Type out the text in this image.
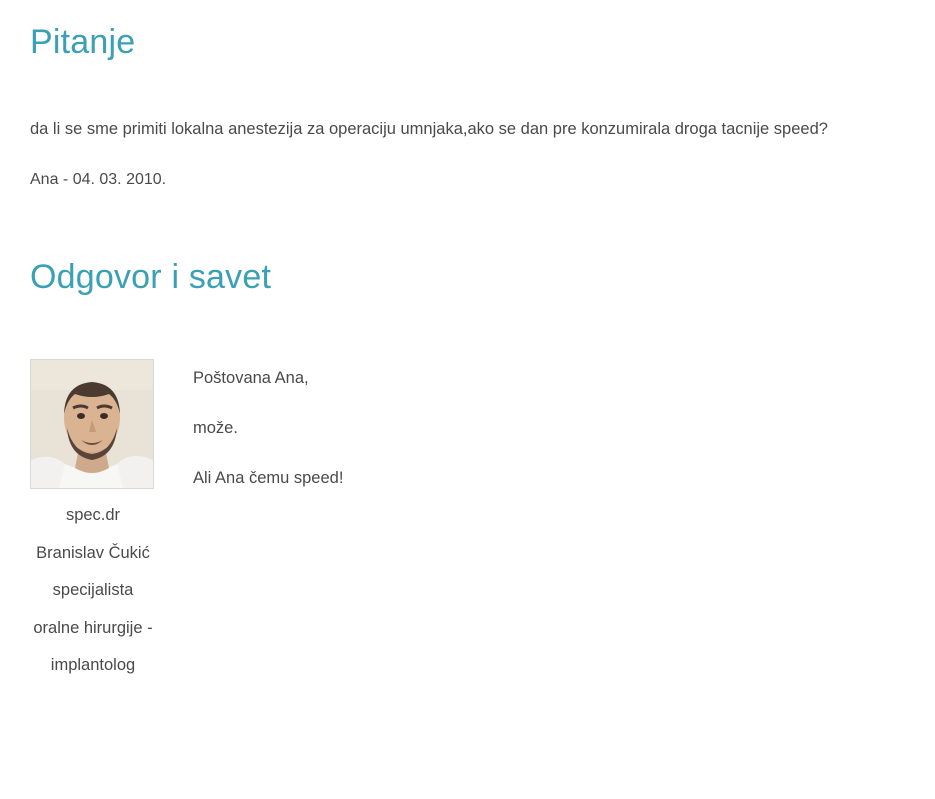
Pitanje

da li se sme primiti lokalna anestezija za operaciju umnjaka,ako se dan pre konzumirala droga tacnije speed?

Ana - 04. 03. 2010.

Odgovor i savet
spec.dr Branislav Čukić specijalista oralne hirurgije - implantolog

Poštovana Ana,

može.

Ali Ana čemu speed!
